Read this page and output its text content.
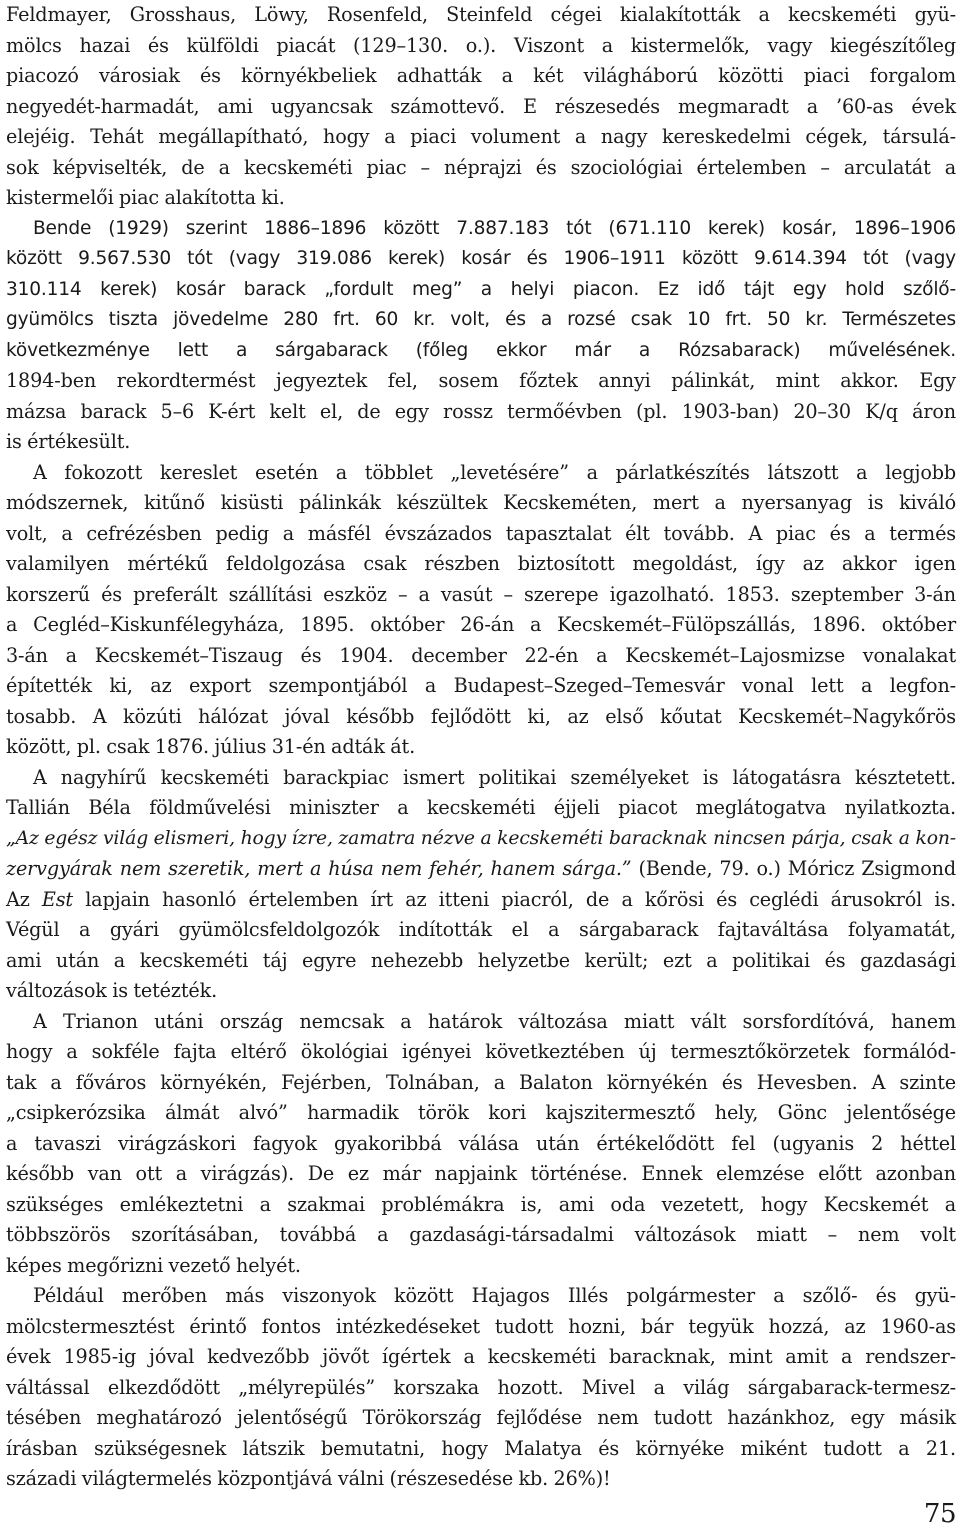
Feldmayer, Grosshaus, Löwy, Rosenfeld, Steinfeld cégei kialakították a kecskeméti gyü-
mölcs hazai és külföldi piacát (129–130. o.). Viszont a kistermelők, vagy kiegészítőleg
piacozó városiak és környékbeliek adhatták a két világháború közötti piaci forgalom
negyedét-harmadát, ami ugyancsak számottevő. E részesedés megmaradt a ’60-as évek
elejéig. Tehát megállapítható, hogy a piaci volument a nagy kereskedelmi cégek, társulá-
sok képviselték, de a kecskeméti piac – néprajzi és szociológiai értelemben – arculatát a
kistermelői piac alakította ki.
Bende (1929) szerint 1886–1896 között 7.887.183 tót (671.110 kerek) kosár, 1896–1906
között 9.567.530 tót (vagy 319.086 kerek) kosár és 1906–1911 között 9.614.394 tót (vagy
310.114 kerek) kosár barack „fordult meg” a helyi piacon. Ez idő tájt egy hold szőlő-
gyümölcs tiszta jövedelme 280 frt. 60 kr. volt, és a rozsé csak 10 frt. 50 kr. Természetes
következménye lett a sárgabarack (főleg ekkor már a Rózsabarack) művelésének.
1894-ben rekordtermést jegyeztek fel, sosem főztek annyi pálinkát, mint akkor. Egy
mázsa barack 5–6 K-ért kelt el, de egy rossz termőévben (pl. 1903-ban) 20–30 K/q áron
is értékesült.
A fokozott kereslet esetén a többlet „levetésére” a párlatkészítés látszott a legjobb
módszernek, kitűnő kisüsti pálinkák készültek Kecskeméten, mert a nyersanyag is kiváló
volt, a cefrézésben pedig a másfél évszázados tapasztalat élt tovább. A piac és a termés
valamilyen mértékű feldolgozása csak részben biztosított megoldást, így az akkor igen
korszerű és preferált szállítási eszköz – a vasút – szerepe igazolható. 1853. szeptember 3-án
a Cegléd–Kiskunfélegyháza, 1895. október 26-án a Kecskemét–Fülöpszállás, 1896. október
3-án a Kecskemét–Tiszaug és 1904. december 22-én a Kecskemét–Lajosmizse vonalakat
építették ki, az export szempontjából a Budapest–Szeged–Temesvár vonal lett a legfon-
tosabb. A közúti hálózat jóval később fejlődött ki, az első kőutat Kecskemét–Nagykőrös
között, pl. csak 1876. július 31-én adták át.
A nagyhírű kecskeméti barackpiac ismert politikai személyeket is látogatásra késztetett.
Tallián Béla földművelési miniszter a kecskeméti éjjeli piacot meglátogatva nyilatkozta.
„Az egész világ elismeri, hogy ízre, zamatra nézve a kecskeméti baracknak nincsen párja, csak a kon-
zervgyárak nem szeretik, mert a húsa nem fehér, hanem sárga.” (Bende, 79. o.) Móricz Zsigmond
Az Est lapjain hasonló értelemben írt az itteni piacról, de a kőrösi és ceglédi árusokról is.
Végül a gyári gyümölcsfeldolgozók indították el a sárgabarack fajtaváltása folyamatát,
ami után a kecskeméti táj egyre nehezebb helyzetbe került; ezt a politikai és gazdasági
változások is tetézték.
A Trianon utáni ország nemcsak a határok változása miatt vált sorsfordítóvá, hanem
hogy a sokféle fajta eltérő ökológiai igényei következtében új termesztőkörzetek formálód-
tak a főváros környékén, Fejérben, Tolnában, a Balaton környékén és Hevesben. A szinte
„csipkerózsika álmát alvó” harmadik török kori kajszitermesztő hely, Gönc jelentősége
a tavaszi virágzáskori fagyok gyakoribbá válása után értékelődött fel (ugyanis 2 héttel
később van ott a virágzás). De ez már napjaink történése. Ennek elemzése előtt azonban
szükséges emlékeztetni a szakmai problémákra is, ami oda vezetett, hogy Kecskemét a
többszörös szorításában, továbbá a gazdasági-társadalmi változások miatt – nem volt
képes megőrizni vezető helyét.
Például merőben más viszonyok között Hajagos Illés polgármester a szőlő- és gyü-
mölcstermesztést érintő fontos intézkedéseket tudott hozni, bár tegyük hozzá, az 1960-as
évek 1985-ig jóval kedvezőbb jövőt ígértek a kecskeméti baracknak, mint amit a rendszer-
váltással elkezdődött „mélyrepülés” korszaka hozott. Mivel a világ sárgabarack-termesz-
tésében meghatározó jelentőségű Törökország fejlődése nem tudott hazánkhoz, egy másik
írásban szükségesnek látszik bemutatni, hogy Malatya és környéke miként tudott a 21.
századi világtermelés központjává válni (részesedése kb. 26%)!
75
